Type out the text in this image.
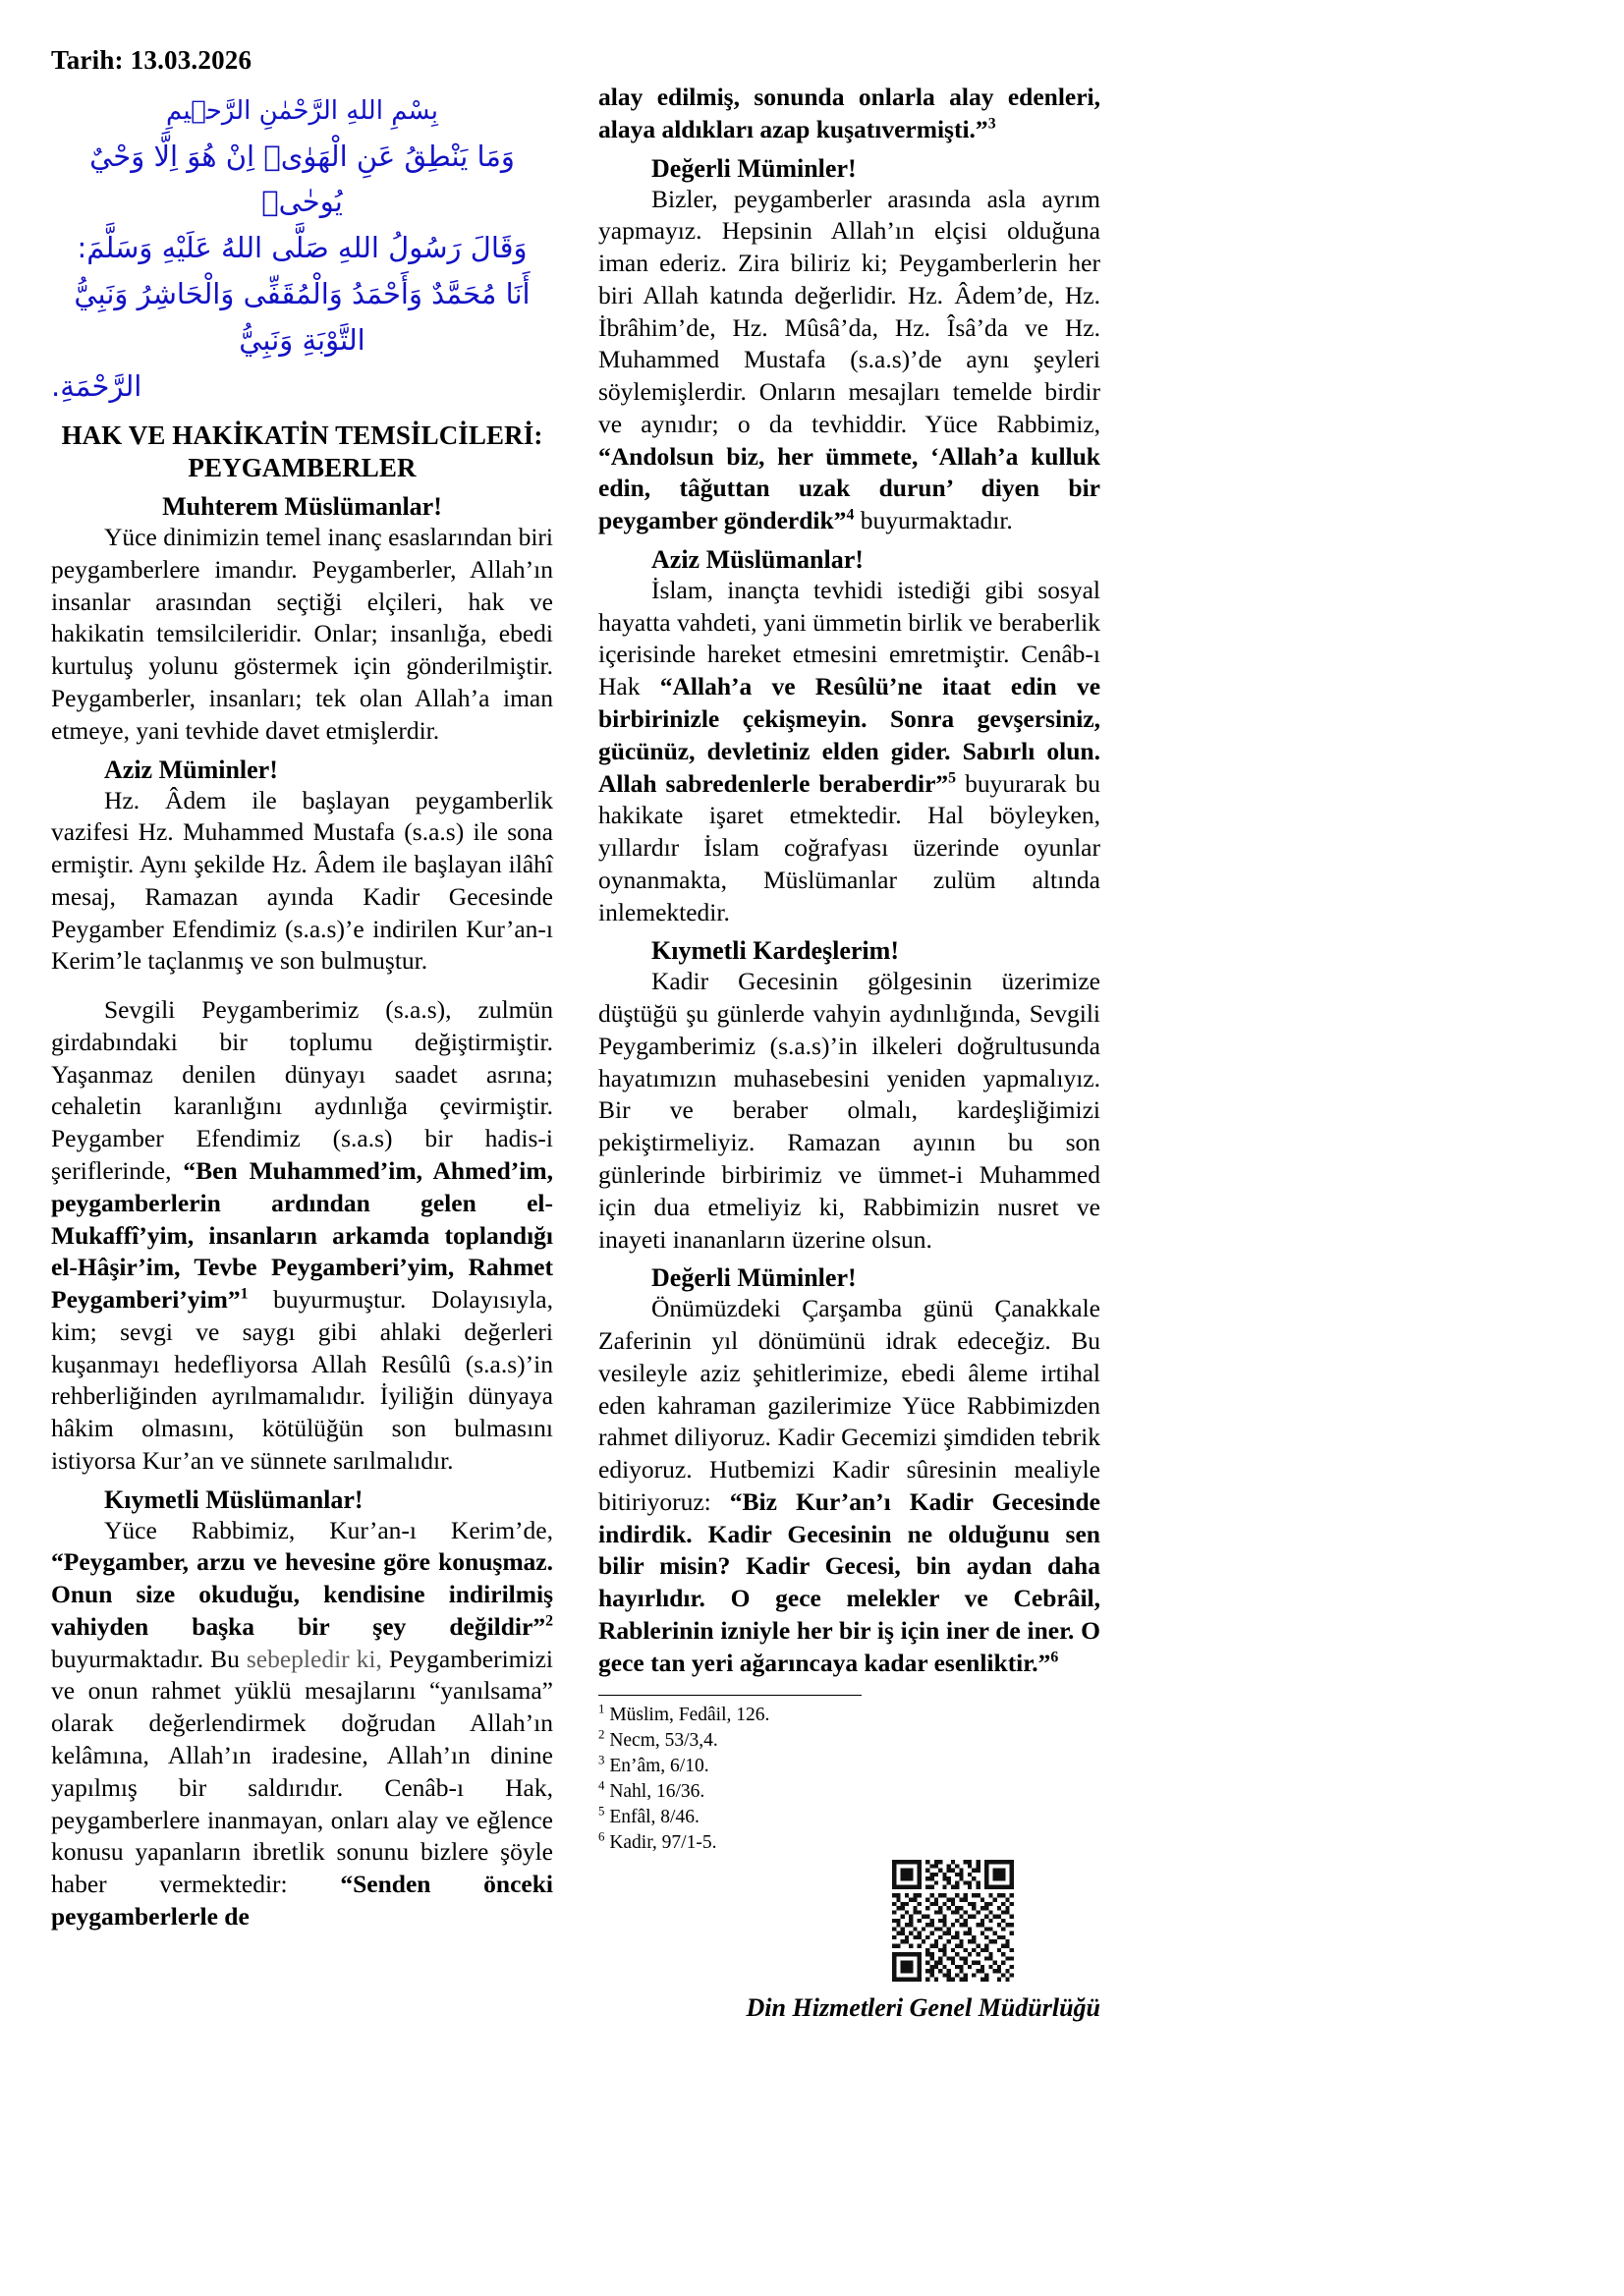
Tarih: 13.03.2026
بِسْمِ اللهِ الرَّحْمٰنِ الرَّح۪يمِ
وَمَا يَنْطِقُ عَنِ الْهَوٰىۚ اِنْ هُوَ اِلَّا وَحْيٌ يُوحٰىۙ
وَقَالَ رَسُولُ اللهِ صَلَّى اللهُ عَلَيْهِ وَسَلَّمَ:
أَنَا مُحَمَّدٌ وَأَحْمَدُ وَالْمُقَفِّى وَالْحَاشِرُ وَنَبِيُّ التَّوْبَةِ وَنَبِيُّ
الرَّحْمَةِ.
HAK VE HAKİKATİN TEMSİLCİLERİ:
PEYGAMBERLER
Muhterem Müslümanlar!

Yüce dinimizin temel inanç esaslarından biri peygamberlere imandır. Peygamberler, Allah’ın insanlar arasından seçtiği elçileri, hak ve hakikatin temsilcileridir. Onlar; insanlığa, ebedi kurtuluş yolunu göstermek için gönderilmiştir. Peygamberler, insanları; tek olan Allah’a iman etmeye, yani tevhide davet etmişlerdir.

Aziz Müminler!

Hz. Âdem ile başlayan peygamberlik vazifesi Hz. Muhammed Mustafa (s.a.s) ile sona ermiştir. Aynı şekilde Hz. Âdem ile başlayan ilâhî mesaj, Ramazan ayında Kadir Gecesinde Peygamber Efendimiz (s.a.s)’e indirilen Kur’an-ı Kerim’le taçlanmış ve son bulmuştur.

Sevgili Peygamberimiz (s.a.s), zulmün girdabındaki bir toplumu değiştirmiştir. Yaşanmaz denilen dünyayı saadet asrına; cehaletin karanlığını aydınlığa çevirmiştir. Peygamber Efendimiz (s.a.s) bir hadis-i şeriflerinde, “Ben Muhammed’im, Ahmed’im, peygamberlerin ardından gelen el-Mukaffî’yim, insanların arkamda toplandığı el-Hâşir’im, Tevbe Peygamberi’yim, Rahmet Peygamberi’yim”$^1$ buyurmuştur. Dolayısıyla, kim; sevgi ve saygı gibi ahlaki değerleri kuşanmayı hedefliyorsa Allah Resûlû (s.a.s)’in rehberliğinden ayrılmamalıdır. İyiliğin dünyaya hâkim olmasını, kötülüğün son bulmasını istiyorsa Kur’an ve sünnete sarılmalıdır.

Kıymetli Müslümanlar!

Yüce Rabbimiz, Kur’an-ı Kerim’de, “Peygamber, arzu ve hevesine göre konuşmaz. Onun size okuduğu, kendisine indirilmiş vahiyden başka bir şey değildir”$^2$ buyurmaktadır. Bu sebepledir ki, Peygamberimizi ve onun rahmet yüklü mesajlarını “yanılsama” olarak değerlendirmek doğrudan Allah’ın kelâmına, Allah’ın iradesine, Allah’ın dinine yapılmış bir saldırıdır. Cenâb-ı Hak, peygamberlere inanmayan, onları alay ve eğlence konusu yapanların ibretlik sonunu bizlere şöyle haber vermektedir: “Senden önceki peygamberlerle de

alay edilmiş, sonunda onlarla alay edenleri, alaya aldıkları azap kuşatıvermişti.”$^3$

Değerli Müminler!

Bizler, peygamberler arasında asla ayrım yapmayız. Hepsinin Allah’ın elçisi olduğuna iman ederiz. Zira biliriz ki; Peygamberlerin her biri Allah katında değerlidir. Hz. Âdem’de, Hz. İbrâhim’de, Hz. Mûsâ’da, Hz. Îsâ’da ve Hz. Muhammed Mustafa (s.a.s)’de aynı şeyleri söylemişlerdir. Onların mesajları temelde birdir ve aynıdır; o da tevhiddir. Yüce Rabbimiz, “Andolsun biz, her ümmete, ‘Allah’a kulluk edin, tâğuttan uzak durun’ diyen bir peygamber gönderdik”$^4$ buyurmaktadır.

Aziz Müslümanlar!

İslam, inançta tevhidi istediği gibi sosyal hayatta vahdeti, yani ümmetin birlik ve beraberlik içerisinde hareket etmesini emretmiştir. Cenâb-ı Hak “Allah’a ve Resûlü’ne itaat edin ve birbirinizle çekişmeyin. Sonra gevşersiniz, gücünüz, devletiniz elden gider. Sabırlı olun. Allah sabredenlerle beraberdir”$^5$ buyurarak bu hakikate işaret etmektedir. Hal böyleyken, yıllardır İslam coğrafyası üzerinde oyunlar oynanmakta, Müslümanlar zulüm altında inlemektedir.

Kıymetli Kardeşlerim!

Kadir Gecesinin gölgesinin üzerimize düştüğü şu günlerde vahyin aydınlığında, Sevgili Peygamberimiz (s.a.s)’in ilkeleri doğrultusunda hayatımızın muhasebesini yeniden yapmalıyız. Bir ve beraber olmalı, kardeşliğimizi pekiştirmeliyiz. Ramazan ayının bu son günlerinde birbirimiz ve ümmet-i Muhammed için dua etmeliyiz ki, Rabbimizin nusret ve inayeti inananların üzerine olsun.

Değerli Müminler!

Önümüzdeki Çarşamba günü Çanakkale Zaferinin yıl dönümünü idrak edeceğiz. Bu vesileyle aziz şehitlerimize, ebedi âleme irtihal eden kahraman gazilerimize Yüce Rabbimizden rahmet diliyoruz. Kadir Gecemizi şimdiden tebrik ediyoruz. Hutbemizi Kadir sûresinin mealiyle bitiriyoruz: “Biz Kur’an’ı Kadir Gecesinde indirdik. Kadir Gecesinin ne olduğunu sen bilir misin? Kadir Gecesi, bin aydan daha hayırlıdır. O gece melekler ve Cebrâil, Rablerinin izniyle her bir iş için iner de iner. O gece tan yeri ağarıncaya kadar esenliktir.”$^6$

$^1$ Müslim, Fedâil, 126.

$^2$ Necm, 53/3,4.

$^3$ En’âm, 6/10.

$^4$ Nahl, 16/36.

$^5$ Enfâl, 8/46.

$^6$ Kadir, 97/1-5.

Din Hizmetleri Genel Müdürlüğü
